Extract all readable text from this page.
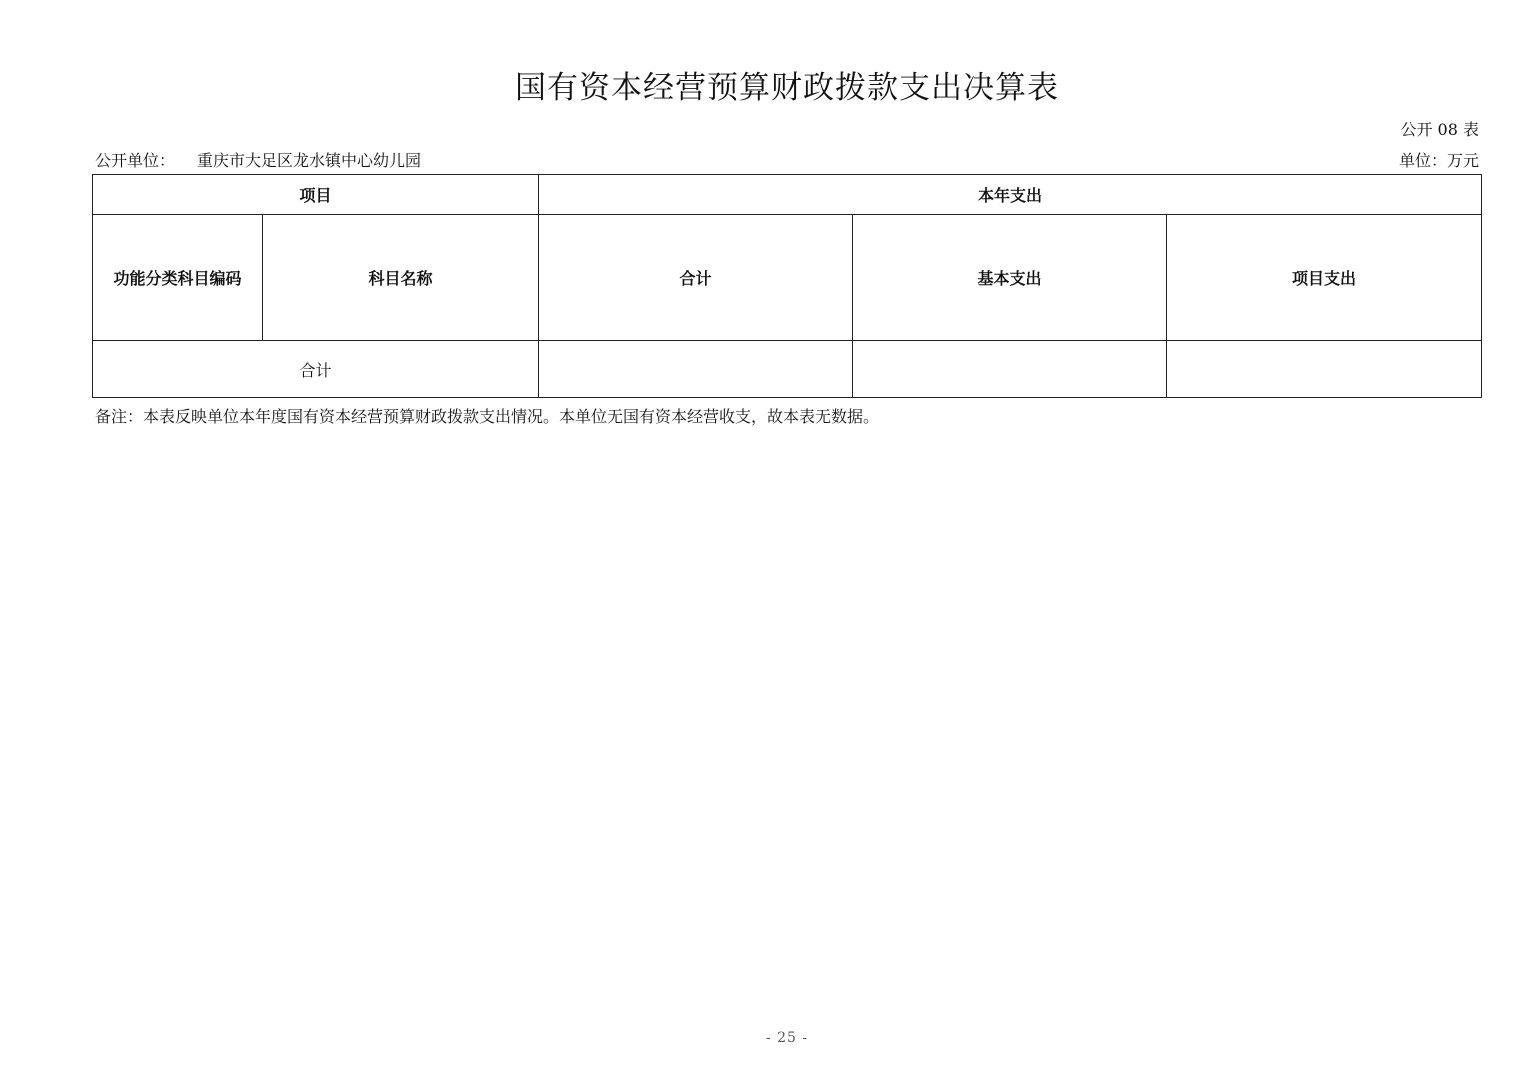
国有资本经营预算财政拨款支出决算表
公开 08 表
公开单位： 重庆市大足区龙水镇中心幼儿园	单位：万元
项目		本年支出		
功能分类科目编码	科目名称	合计	基本支出	项目支出
合计				
备注：本表反映单位本年度国有资本经营预算财政拨款支出情况。本单位无国有资本经营收支，故本表无数据。
- 25 -
